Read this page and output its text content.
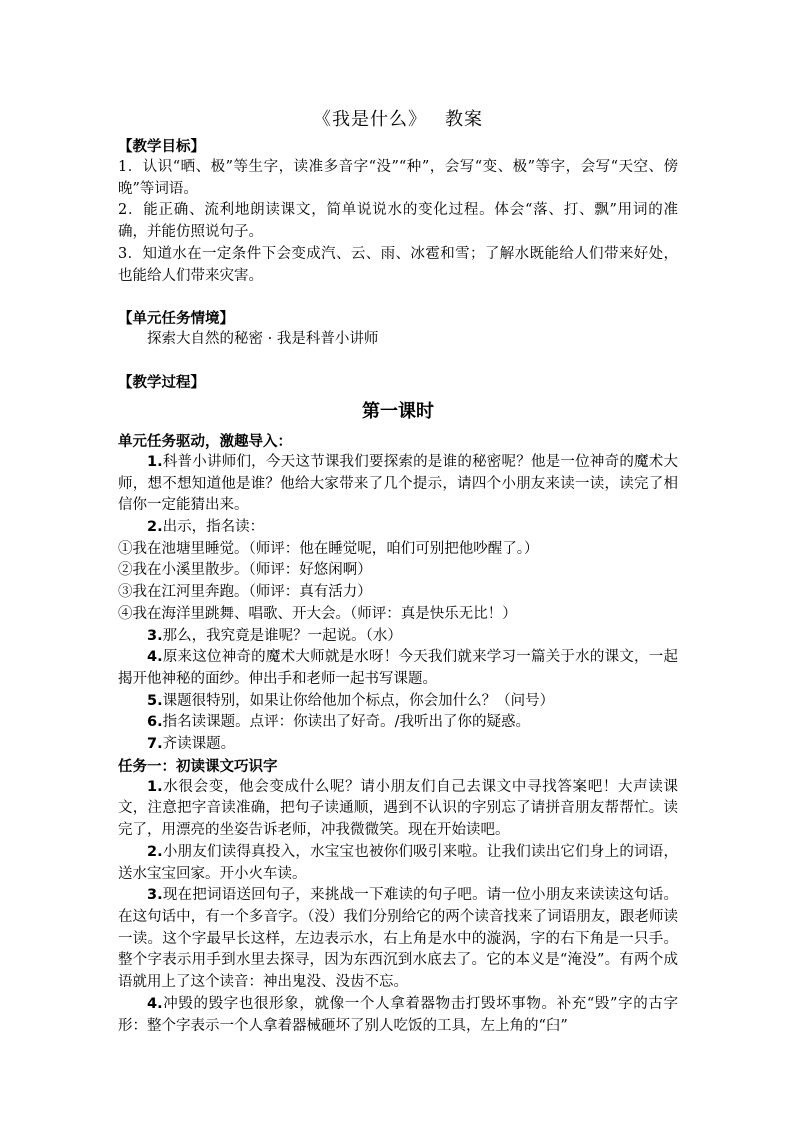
《我是什么》 教案

【教学目标】

1．认识“晒、极”等生字，读准多音字“没”“种”，会写“变、极”等字，会写“天空、傍晚”等词语。

2．能正确、流利地朗读课文，简单说说水的变化过程。体会“落、打、飘”用词的准确，并能仿照说句子。

3．知道水在一定条件下会变成汽、云、雨、冰雹和雪；了解水既能给人们带来好处，也能给人们带来灾害。

【单元任务情境】

探索大自然的秘密 · 我是科普小讲师

【教学过程】

第一课时

单元任务驱动，激趣导入：

1.科普小讲师们，今天这节课我们要探索的是谁的秘密呢？他是一位神奇的魔术大师，想不想知道他是谁？他给大家带来了几个提示，请四个小朋友来读一读，读完了相信你一定能猜出来。

2.出示，指名读：

①我在池塘里睡觉。（师评：他在睡觉呢，咱们可别把他吵醒了。）

②我在小溪里散步。（师评：好悠闲啊）

③我在江河里奔跑。（师评：真有活力）

④我在海洋里跳舞、唱歌、开大会。（师评：真是快乐无比！）

3.那么，我究竟是谁呢？一起说。（水）

4.原来这位神奇的魔术大师就是水呀！今天我们就来学习一篇关于水的课文，一起揭开他神秘的面纱。伸出手和老师一起书写课题。

5.课题很特别，如果让你给他加个标点，你会加什么？（问号）

6.指名读课题。点评：你读出了好奇。/我听出了你的疑惑。

7.齐读课题。

任务一：初读课文巧识字

1.水很会变，他会变成什么呢？请小朋友们自己去课文中寻找答案吧！大声读课文，注意把字音读准确，把句子读通顺，遇到不认识的字别忘了请拼音朋友帮帮忙。读完了，用漂亮的坐姿告诉老师，冲我微微笑。现在开始读吧。

2.小朋友们读得真投入，水宝宝也被你们吸引来啦。让我们读出它们身上的词语，送水宝宝回家。开小火车读。

3.现在把词语送回句子，来挑战一下难读的句子吧。请一位小朋友来读读这句话。在这句话中，有一个多音字。（没）我们分别给它的两个读音找来了词语朋友，跟老师读一读。这个字最早长这样，左边表示水，右上角是水中的漩涡，字的右下角是一只手。整个字表示用手到水里去探寻，因为东西沉到水底去了。它的本义是“淹没”。有两个成语就用上了这个读音：神出鬼没、没齿不忘。

4.冲毁的毁字也很形象，就像一个人拿着器物击打毁坏事物。补充“毁”字的古字形：整个字表示一个人拿着器械砸坏了别人吃饭的工具，左上角的“臼”
